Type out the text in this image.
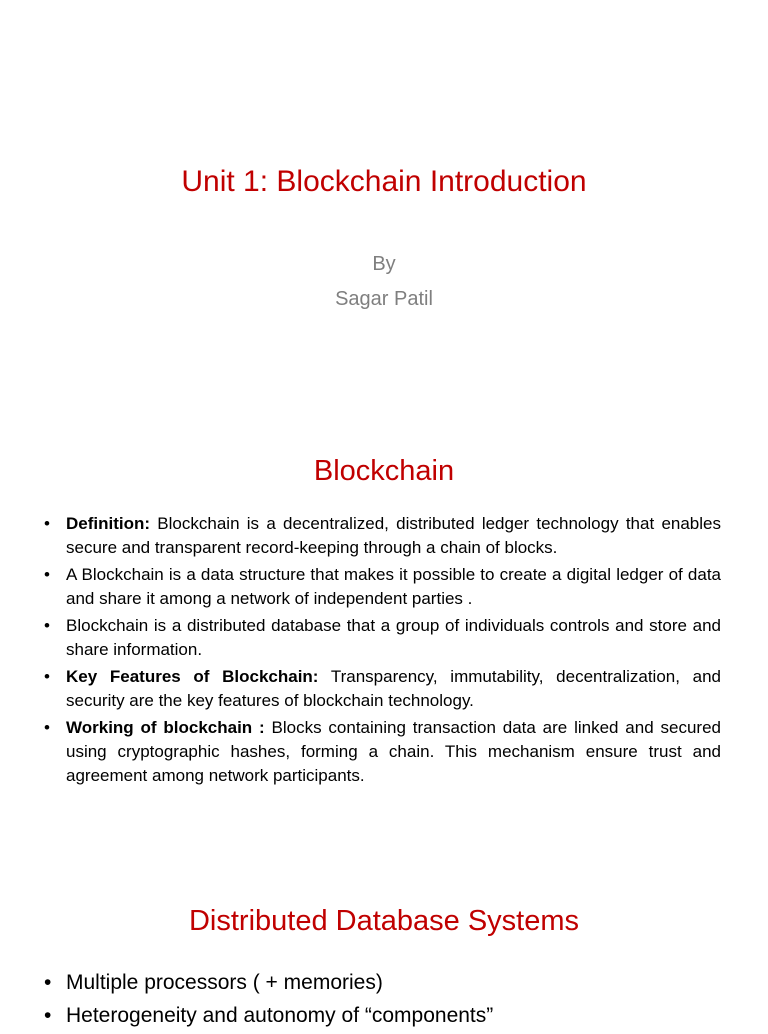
Unit 1: Blockchain Introduction
By
Sagar Patil
Blockchain
• Definition: Blockchain is a decentralized, distributed ledger technology that enables secure and transparent record-keeping through a chain of blocks.
• A Blockchain is a data structure that makes it possible to create a digital ledger of data and share it among a network of independent parties .
• Blockchain is a distributed database that a group of individuals controls and store and share information.
• Key Features of Blockchain: Transparency, immutability, decentralization, and security are the key features of blockchain technology.
• Working of blockchain : Blocks containing transaction data are linked and secured using cryptographic hashes, forming a chain. This mechanism ensure trust and agreement among network participants.
Distributed Database Systems
• Multiple processors ( + memories)
• Heterogeneity and autonomy of “components”
